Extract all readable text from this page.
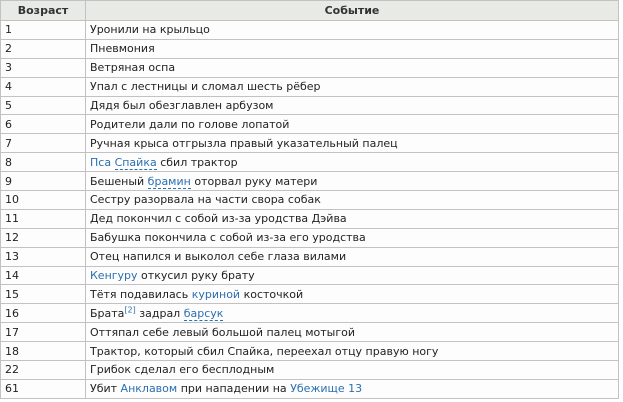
Возраст	Событие
1	Уронили на крыльцо
2	Пневмония
3	Ветряная оспа
4	Упал с лестницы и сломал шесть рёбер
5	Дядя был обезглавлен арбузом
6	Родители дали по голове лопатой
7	Ручная крыса отгрызла правый указательный палец
8	Пса Спайка сбил трактор
9	Бешеный брамин оторвал руку матери
10	Сестру разорвала на части свора собак
11	Дед покончил с собой из-за уродства Дэйва
12	Бабушка покончила с собой из-за его уродства
13	Отец напился и выколол себе глаза вилами
14	Кенгуру откусил руку брату
15	Тётя подавилась куриной косточкой
16	Брата[2] задрал барсук
17	Оттяпал себе левый большой палец мотыгой
18	Трактор, который сбил Спайка, переехал отцу правую ногу
22	Грибок сделал его бесплодным
61	Убит Анклавом при нападении на Убежище 13
